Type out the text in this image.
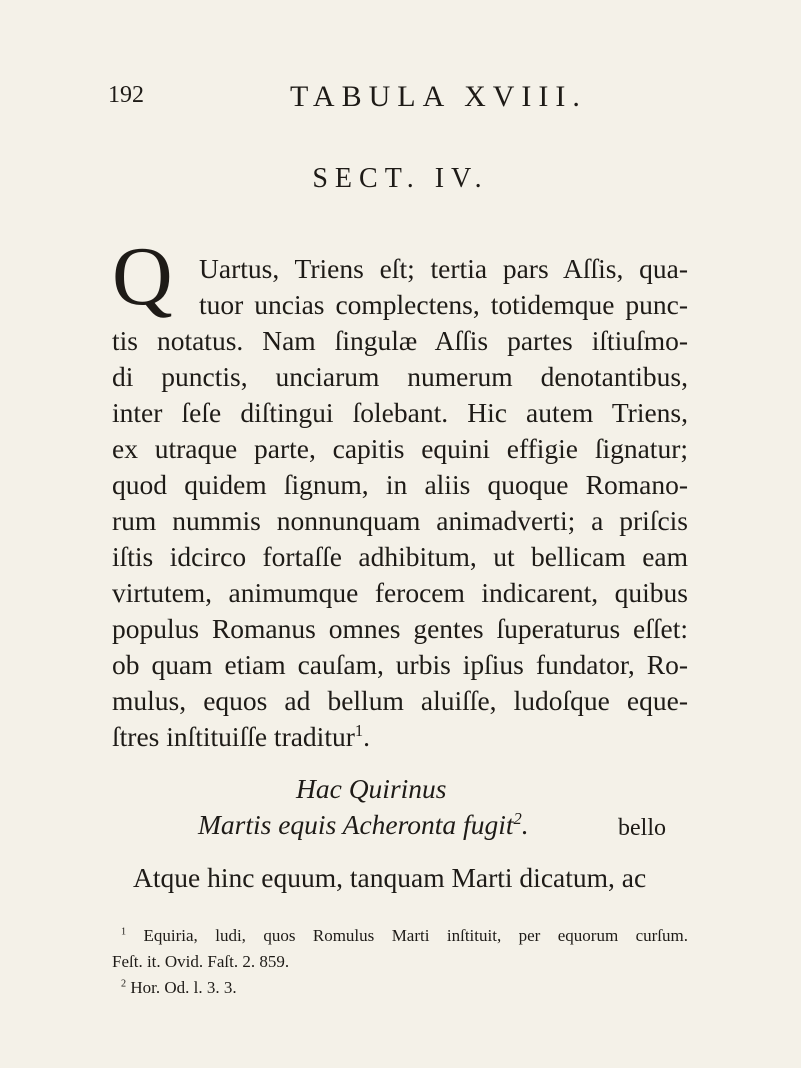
192	TABULA XVIII.
SECT. IV.
Q Uartus, Triens eſt; tertia pars Aſſis, qua-
tuor uncias complectens, totidemque punc-
tis notatus. Nam ſingulæ Aſſis partes iſtiuſmo-
di punctis, unciarum numerum denotantibus,
inter ſeſe diſtingui ſolebant. Hic autem Triens,
ex utraque parte, capitis equini effigie ſignatur;
quod quidem ſignum, in aliis quoque Romano-
rum nummis nonnunquam animadverti; a priſcis
iſtis idcirco fortaſſe adhibitum, ut bellicam eam
virtutem, animumque ferocem indicarent, quibus
populus Romanus omnes gentes ſuperaturus eſſet:
ob quam etiam cauſam, urbis ipſius fundator, Ro-
mulus, equos ad bellum aluiſſe, ludoſque eque-
ſtres inſtituiſſe traditur$^1$.
Hac Quirinus
Martis equis Acheronta fugit$^2$.
Atque hinc equum, tanquam Marti dicatum, ac
$^1$ Equiria, ludi, quos Romulus Marti inſtituit, per equorum curſum.
Feſt. it. Ovid. Faſt. 2. 859.
$^2$ Hor. Od. l. 3. 3.
bello
